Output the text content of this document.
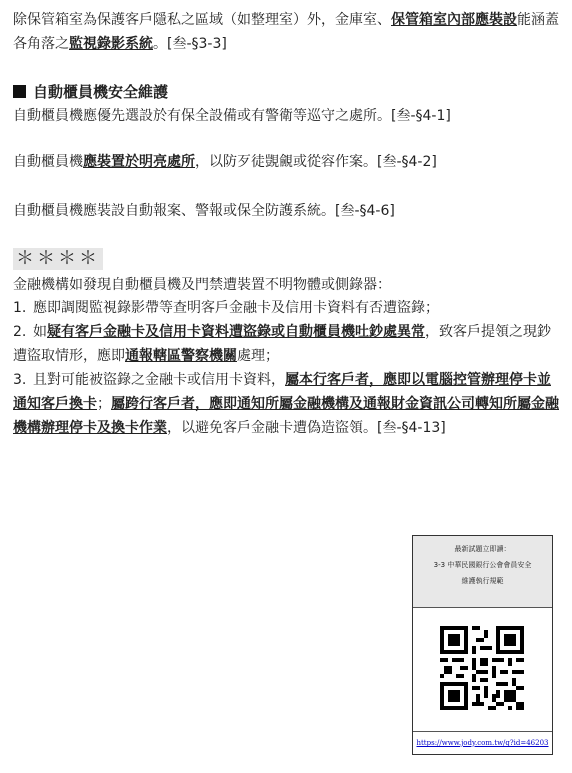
除保管箱室為保護客戶隱私之區域（如整理室）外，金庫室、保管箱室內部應裝設能涵蓋各角落之監視錄影系統。[叁-§3-3]

自動櫃員機安全維護

自動櫃員機應優先選設於有保全設備或有警衛等巡守之處所。[叁-§4-1]

自動櫃員機應裝置於明亮處所，以防歹徒覬覦或從容作案。[叁-§4-2]

自動櫃員機應裝設自動報案、警報或保全防護系統。[叁-§4-6]

＊＊＊＊

金融機構如發現自動櫃員機及門禁遭裝置不明物體或側錄器：

1. 應即調閱監視錄影帶等查明客戶金融卡及信用卡資料有否遭盜錄；
2. 如疑有客戶金融卡及信用卡資料遭盜錄或自動櫃員機吐鈔處異常，致客戶提領之現鈔遭盜取情形，應即通報轄區警察機關處理；
3. 且對可能被盜錄之金融卡或信用卡資料，屬本行客戶者，應即以電腦控管辦理停卡並通知客戶換卡；屬跨行客戶者，應即通知所屬金融機構及通報財金資訊公司轉知所屬金融機構辦理停卡及換卡作業，以避免客戶金融卡遭偽造盜領。[叁-§4-13]
最新試題立即讀：
3-3 中華民國銀行公會會員安全
維護執行規範
https://www.jody.com.tw/q?id=46203
